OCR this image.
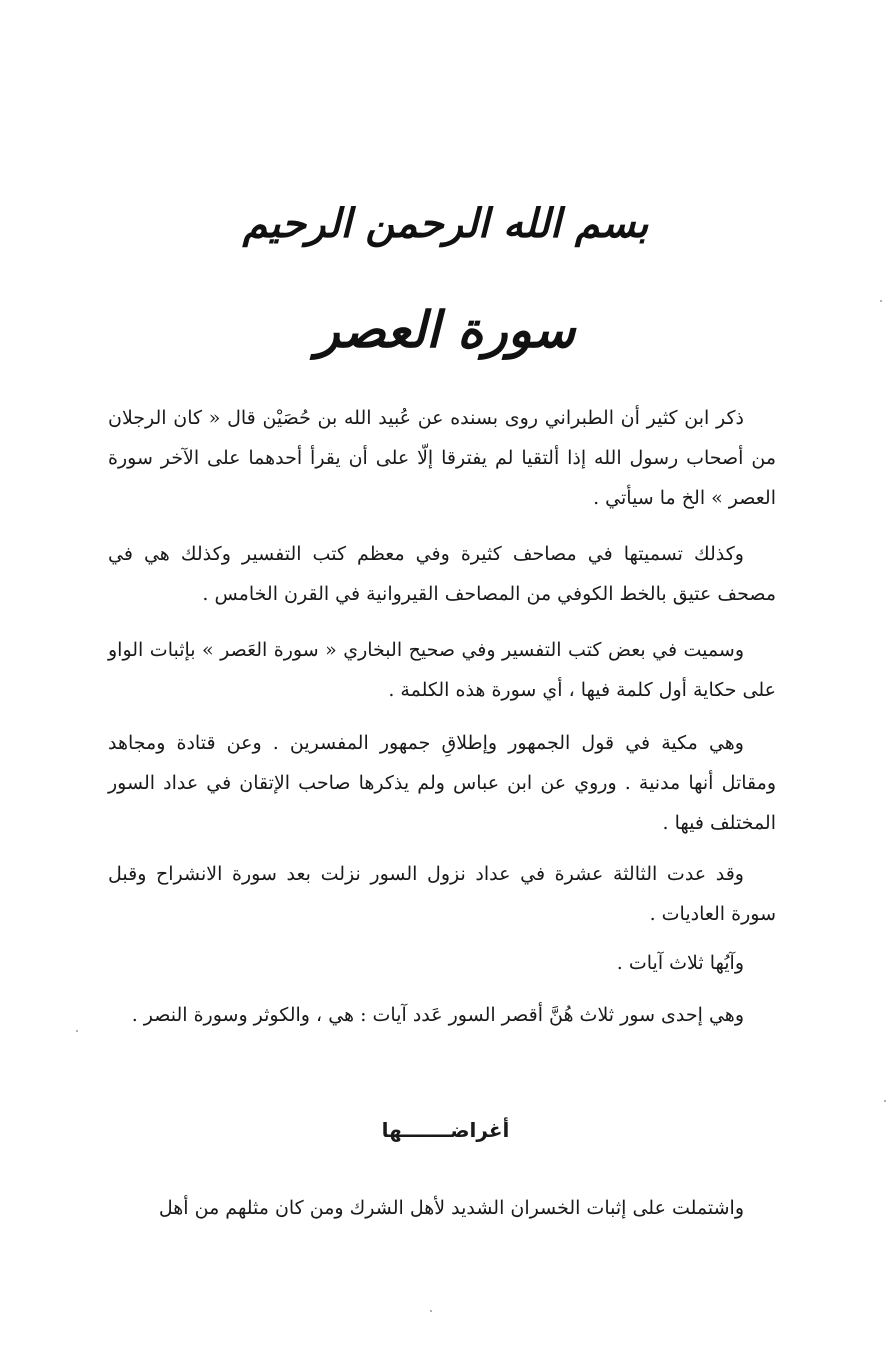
بسم الله الرحمن الرحيم
سورة العصر

ذكر ابن كثير أن الطبراني روى بسنده عن عُبيد الله بن حُصَيْن قال « كان الرجلان من أصحاب رسول الله إذا ألتقيا لم يفترقا إلّا على أن يقرأ أحدهما على الآخر سورة العصر » الخ ما سيأتي .

وكذلك تسميتها في مصاحف كثيرة وفي معظم كتب التفسير وكذلك هي في مصحف عتيق بالخط الكوفي من المصاحف القيروانية في القرن الخامس .

وسميت في بعض كتب التفسير وفي صحيح البخاري « سورة العَصر » بإثبات الواو على حكاية أول كلمة فيها ، أي سورة هذه الكلمة .

وهي مكية في قول الجمهور وإطلاقِ جمهور المفسرين . وعن قتادة ومجاهد ومقاتل أنها مدنية . وروي عن ابن عباس ولم يذكرها صاحب الإتقان في عداد السور المختلف فيها .

وقد عدت الثالثة عشرة في عداد نزول السور نزلت بعد سورة الانشراح وقبل سورة العاديات .

وآيُها ثلاث آيات .

وهي إحدى سور ثلاث هُنَّ أقصر السور عَدد آيات : هي ، والكوثر وسورة النصر .

أغراضـــــــها

واشتملت على إثبات الخسران الشديد لأهل الشرك ومن كان مثلهم من أهل
